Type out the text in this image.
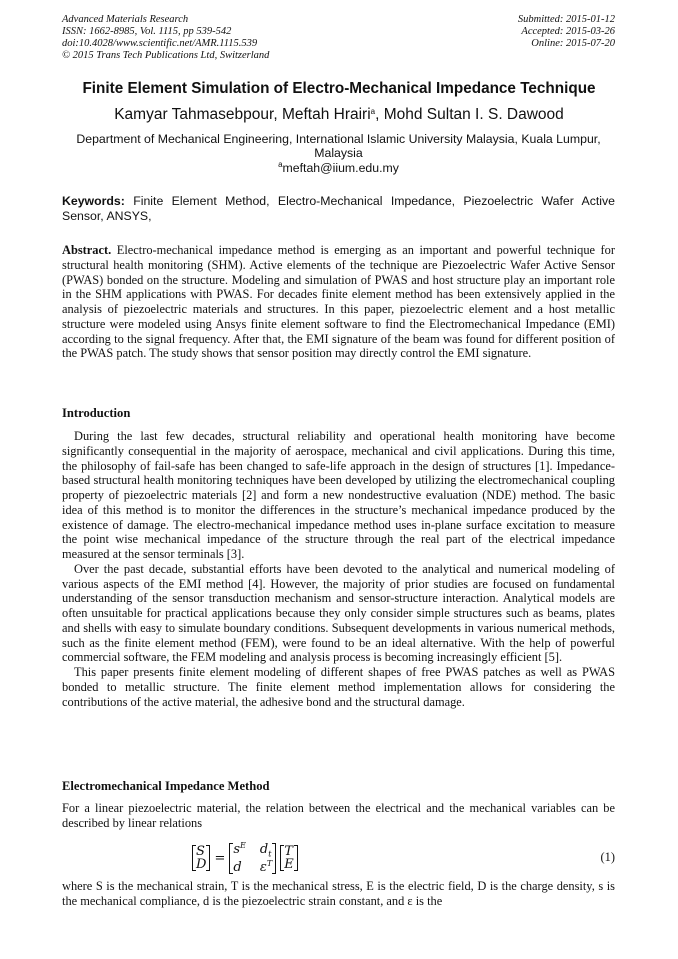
Advanced Materials Research
ISSN: 1662-8985, Vol. 1115, pp 539-542
doi:10.4028/www.scientific.net/AMR.1115.539
© 2015 Trans Tech Publications Ltd, Switzerland
Submitted: 2015-01-12
Accepted: 2015-03-26
Online: 2015-07-20
Finite Element Simulation of Electro-Mechanical Impedance Technique
Kamyar Tahmasebpour, Meftah Hrairi$^a$, Mohd Sultan I. S. Dawood
Department of Mechanical Engineering, International Islamic University Malaysia, Kuala Lumpur, Malaysia
$^a$meftah@iium.edu.my
Keywords: Finite Element Method, Electro-Mechanical Impedance, Piezoelectric Wafer Active Sensor, ANSYS,

Abstract. Electro-mechanical impedance method is emerging as an important and powerful technique for structural health monitoring (SHM). Active elements of the technique are Piezoelectric Wafer Active Sensor (PWAS) bonded on the structure. Modeling and simulation of PWAS and host structure play an important role in the SHM applications with PWAS. For decades finite element method has been extensively applied in the analysis of piezoelectric materials and structures. In this paper, piezoelectric element and a host metallic structure were modeled using Ansys finite element software to find the Electromechanical Impedance (EMI) according to the signal frequency. After that, the EMI signature of the beam was found for different position of the PWAS patch. The study shows that sensor position may directly control the EMI signature.

Introduction

During the last few decades, structural reliability and operational health monitoring have become significantly consequential in the majority of aerospace, mechanical and civil applications. During this time, the philosophy of fail-safe has been changed to safe-life approach in the design of structures [1]. Impedance-based structural health monitoring techniques have been developed by utilizing the electromechanical coupling property of piezoelectric materials [2] and form a new nondestructive evaluation (NDE) method. The basic idea of this method is to monitor the differences in the structure’s mechanical impedance produced by the existence of damage. The electro-mechanical impedance method uses in-plane surface excitation to measure the point wise mechanical impedance of the structure through the real part of the electrical impedance measured at the sensor terminals [3].

Over the past decade, substantial efforts have been devoted to the analytical and numerical modeling of various aspects of the EMI method [4]. However, the majority of prior studies are focused on fundamental understanding of the sensor transduction mechanism and sensor-structure interaction. Analytical models are often unsuitable for practical applications because they only consider simple structures such as beams, plates and shells with easy to simulate boundary conditions. Subsequent developments in various numerical methods, such as the finite element method (FEM), were found to be an ideal alternative. With the help of powerful commercial software, the FEM modeling and analysis process is becoming increasingly efficient [5].

This paper presents finite element modeling of different shapes of free PWAS patches as well as PWAS bonded to metallic structure. The finite element method implementation allows for considering the contributions of the active material, the adhesive bond and the structural damage.

Electromechanical Impedance Method

For a linear piezoelectric material, the relation between the electrical and the mechanical variables can be described by linear relations

S
D =
$s^E$ $d_t$
d	$\varepsilon^T$
T
E
(1)

where S is the mechanical strain, T is the mechanical stress, E is the electric field, D is the charge density, s is the mechanical compliance, d is the piezoelectric strain constant, and ε is the
